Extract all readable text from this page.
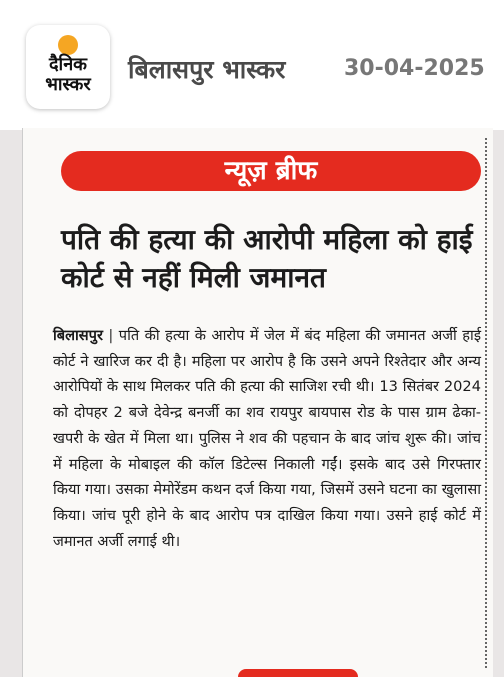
दैनिक
भास्कर
बिलासपुर भास्कर	30-04-2025
न्यूज़ ब्रीफ
पति की हत्या की आरोपी महिला को हाई कोर्ट से नहीं मिली जमानत
बिलासपुर | पति की हत्या के आरोप में जेल में बंद महिला की जमानत अर्जी हाई कोर्ट ने खारिज कर दी है। महिला पर आरोप है कि उसने अपने रिश्तेदार और अन्य आरोपियों के साथ मिलकर पति की हत्या की साजिश रची थी। 13 सितंबर 2024 को दोपहर 2 बजे देवेन्द्र बनर्जी का शव रायपुर बायपास रोड के पास ग्राम ढेका-खपरी के खेत में मिला था। पुलिस ने शव की पहचान के बाद जांच शुरू की। जांच में महिला के मोबाइल की कॉल डिटेल्स निकाली गईं। इसके बाद उसे गिरफ्तार किया गया। उसका मेमोरेंडम कथन दर्ज किया गया, जिसमें उसने घटना का खुलासा किया। जांच पूरी होने के बाद आरोप पत्र दाखिल किया गया। उसने हाई कोर्ट में जमानत अर्जी लगाई थी।
